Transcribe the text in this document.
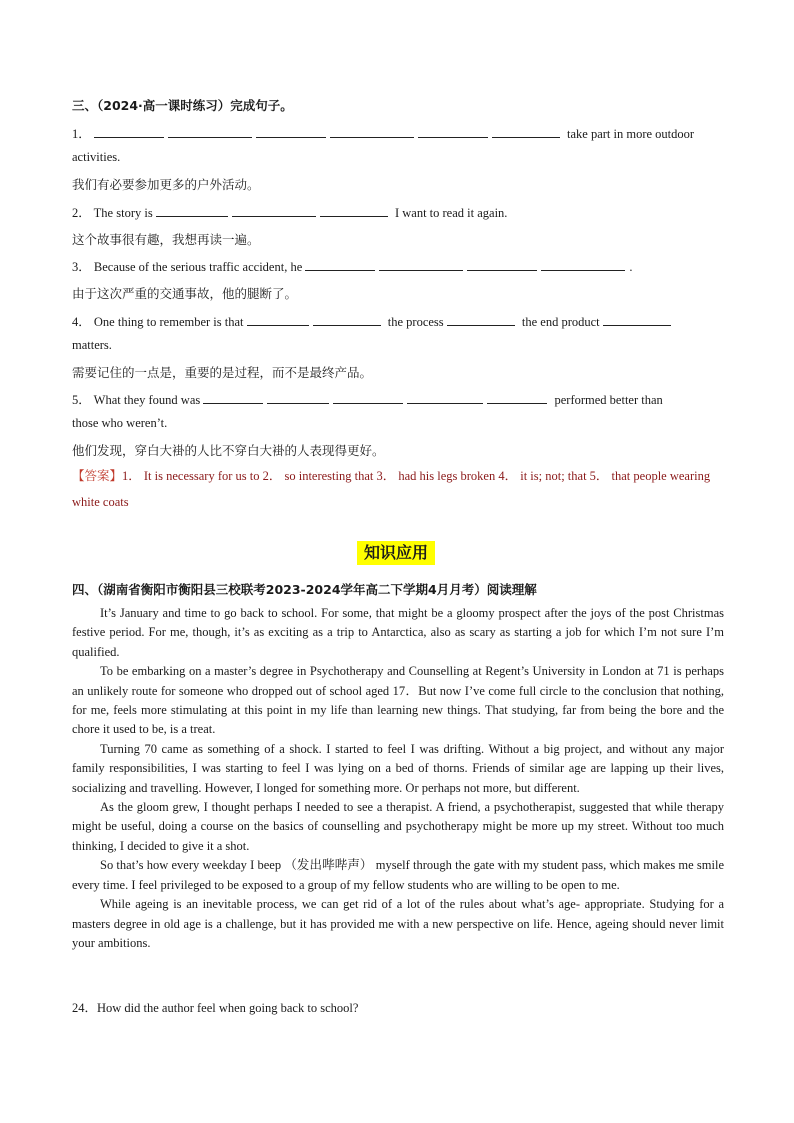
三、（2024·高一课时练习）完成句子。
1．	take part in more outdoor
activities.
我们有必要参加更多的户外活动。
2． The story is	I want to read it again.
这个故事很有趣，我想再读一遍。
3． Because of the serious traffic accident, he	.
由于这次严重的交通事故，他的腿断了。
4． One thing to remember is that	the process	the end product
matters.
需要记住的一点是，重要的是过程，而不是最终产品。
5． What they found was	performed better than
those who weren’t.
他们发现，穿白大褂的人比不穿白大褂的人表现得更好。
【答案】1． It is necessary for us to 2． so interesting that 3． had his legs broken 4． it is; not; that 5． that people wearing white coats
知识应用
四、（湖南省衡阳市衡阳县三校联考2023-2024学年高二下学期4月月考）阅读理解

It’s January and time to go back to school. For some, that might be a gloomy prospect after the joys of the post Christmas festive period. For me, though, it’s as exciting as a trip to Antarctica, also as scary as starting a job for which I’m not sure I’m qualified.

To be embarking on a master’s degree in Psychotherapy and Counselling at Regent’s University in London at 71 is perhaps an unlikely route for someone who dropped out of school aged 17．But now I’ve come full circle to the conclusion that nothing, for me, feels more stimulating at this point in my life than learning new things. That studying, far from being the bore and the chore it used to be, is a treat.

Turning 70 came as something of a shock. I started to feel I was drifting. Without a big project, and without any major family responsibilities, I was starting to feel I was lying on a bed of thorns. Friends of similar age are lapping up their lives, socializing and travelling. However, I longed for something more. Or perhaps not more, but different.

As the gloom grew, I thought perhaps I needed to see a therapist. A friend, a psychotherapist, suggested that while therapy might be useful, doing a course on the basics of counselling and psychotherapy might be more up my street. Without too much thinking, I decided to give it a shot.

So that’s how every weekday I beep （发出哔哔声） myself through the gate with my student pass, which makes me smile every time. I feel privileged to be exposed to a group of my fellow students who are willing to be open to me.

While ageing is an inevitable process, we can get rid of a lot of the rules about what’s age- appropriate. Studying for a masters degree in old age is a challenge, but it has provided me with a new perspective on life. Hence, ageing should never limit your ambitions.

24．How did the author feel when going back to school?
